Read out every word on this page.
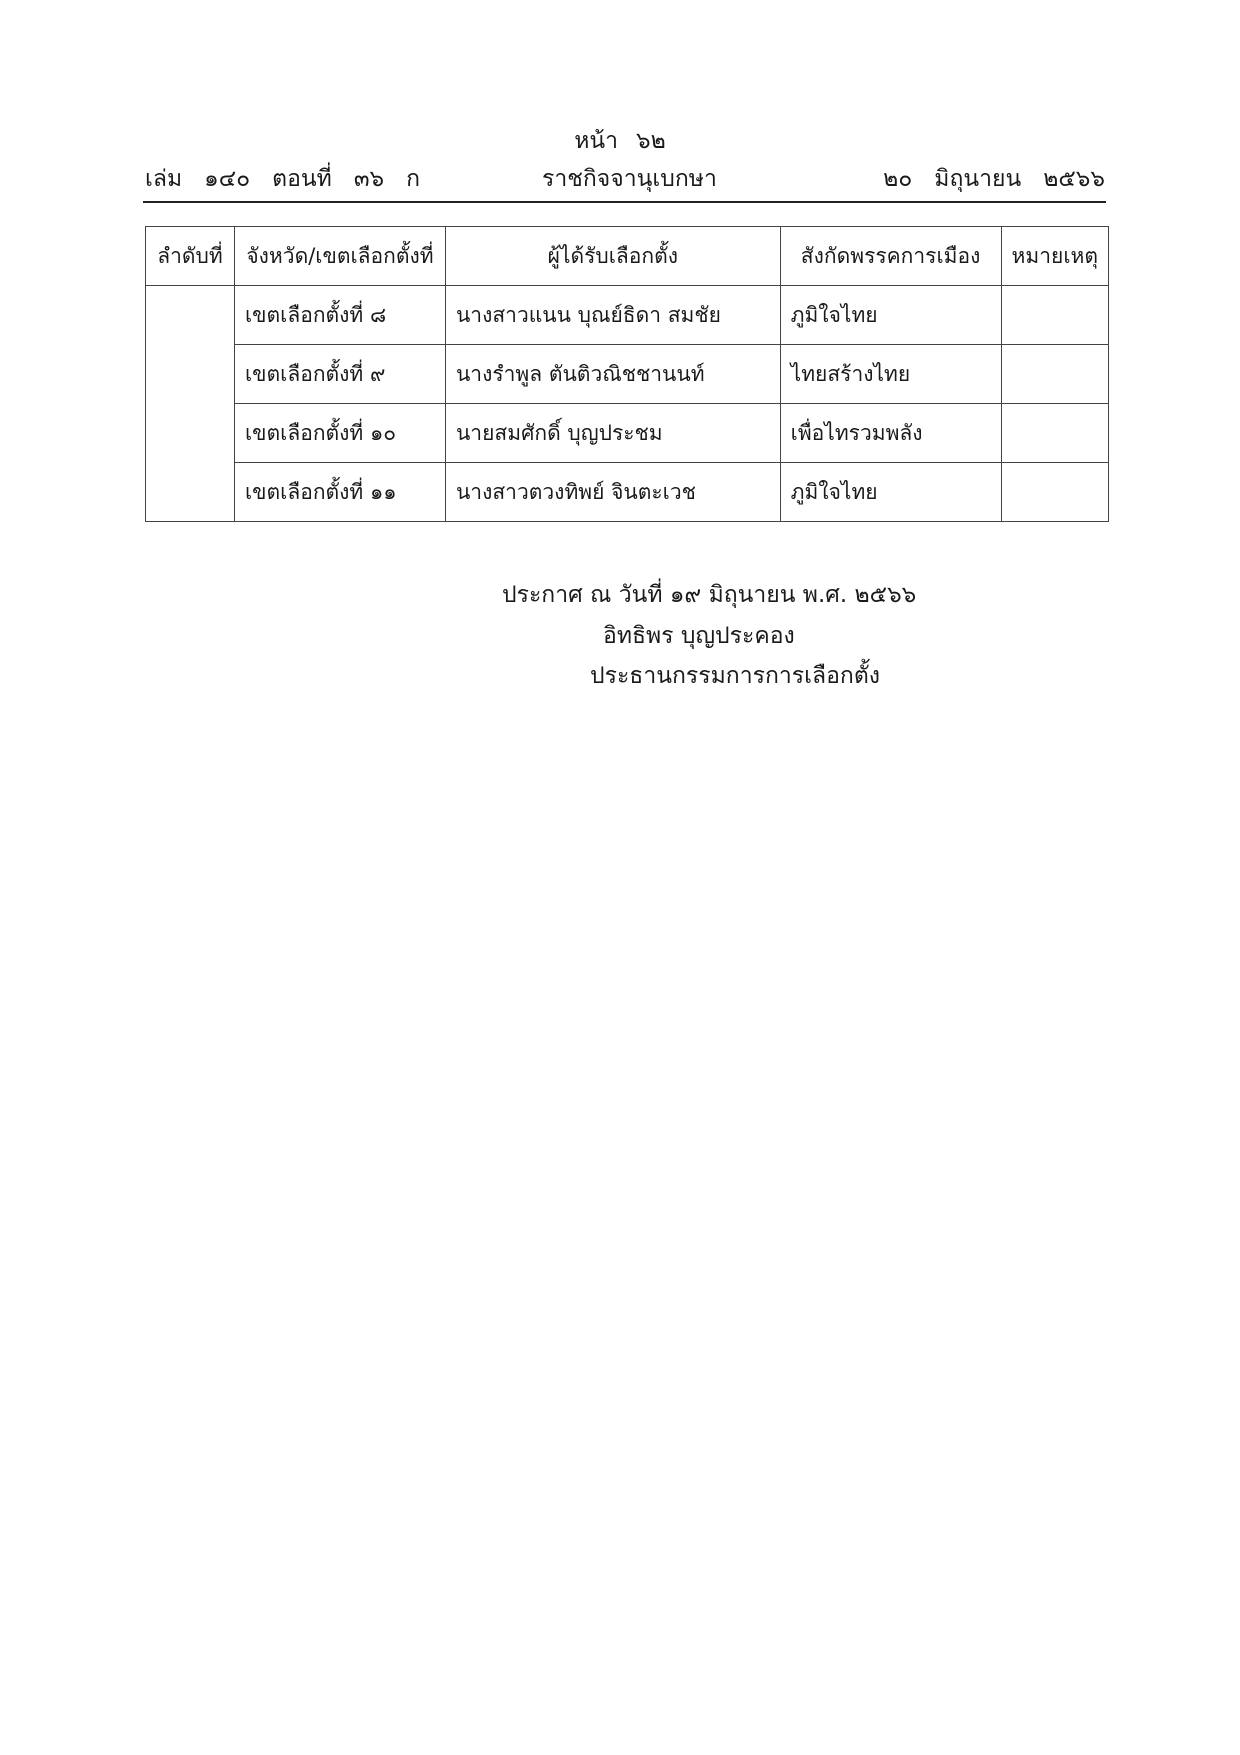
หน้า ๖๒
เล่ม ๑๔๐ ตอนที่ ๓๖ ก	ราชกิจจานุเบกษา	๒๐ มิถุนายน ๒๕๖๖
ลำดับที่	จังหวัด/เขตเลือกตั้งที่	ผู้ได้รับเลือกตั้ง	สังกัดพรรคการเมือง	หมายเหตุ
	เขตเลือกตั้งที่ ๘	นางสาวแนน บุณย์ธิดา สมชัย	ภูมิใจไทย	
	เขตเลือกตั้งที่ ๙	นางรำพูล ตันติวณิชชานนท์	ไทยสร้างไทย	
	เขตเลือกตั้งที่ ๑๐	นายสมศักดิ์ บุญประชม	เพื่อไทรวมพลัง	
	เขตเลือกตั้งที่ ๑๑	นางสาวตวงทิพย์ จินตะเวช	ภูมิใจไทย	
ประกาศ ณ วันที่ ๑๙ มิถุนายน พ.ศ. ๒๕๖๖
อิทธิพร บุญประคอง
ประธานกรรมการการเลือกตั้ง
